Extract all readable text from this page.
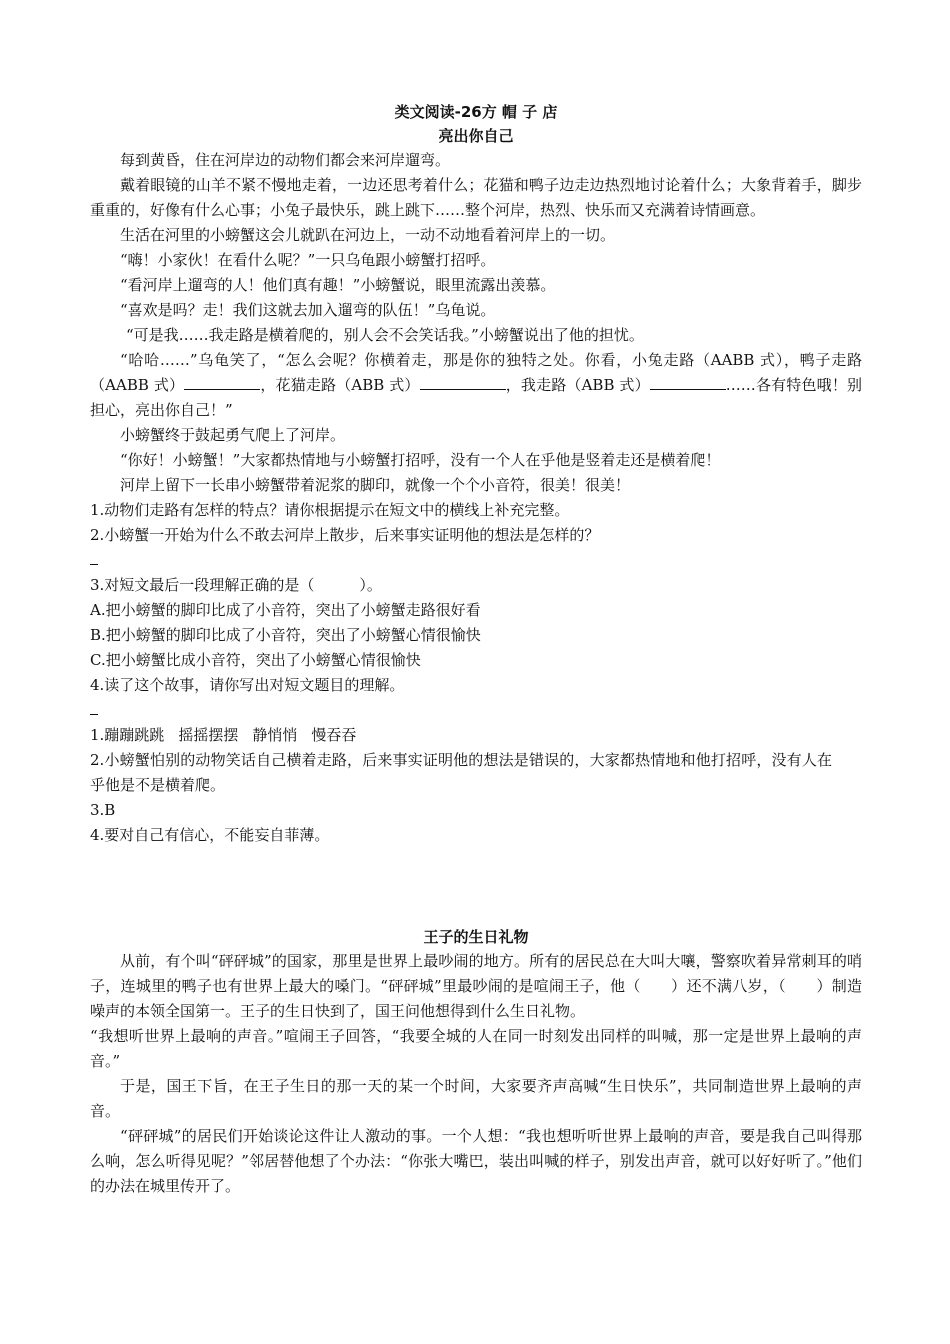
类文阅读-26方 帽 子 店
亮出你自己

每到黄昏，住在河岸边的动物们都会来河岸遛弯。

戴着眼镜的山羊不紧不慢地走着，一边还思考着什么；花猫和鸭子边走边热烈地讨论着什么；大象背着手，脚步重重的，好像有什么心事；小兔子最快乐，跳上跳下……整个河岸，热烈、快乐而又充满着诗情画意。

生活在河里的小螃蟹这会儿就趴在河边上，一动不动地看着河岸上的一切。

“嗨！小家伙！在看什么呢？”一只乌龟跟小螃蟹打招呼。

“看河岸上遛弯的人！他们真有趣！”小螃蟹说，眼里流露出羡慕。

“喜欢是吗？走！我们这就去加入遛弯的队伍！”乌龟说。

“可是我……我走路是横着爬的，别人会不会笑话我。”小螃蟹说出了他的担忧。

“哈哈……”乌龟笑了，“怎么会呢？你横着走，那是你的独特之处。你看，小兔走路（AABB 式），鸭子走路（AABB 式）	，花猫走路（ABB 式）	，我走路（ABB 式）	……各有特色哦！别担心，亮出你自己！”

小螃蟹终于鼓起勇气爬上了河岸。

“你好！小螃蟹！”大家都热情地与小螃蟹打招呼，没有一个人在乎他是竖着走还是横着爬！

河岸上留下一长串小螃蟹带着泥浆的脚印，就像一个个小音符，很美！很美！

1.动物们走路有怎样的特点？请你根据提示在短文中的横线上补充完整。

2.小螃蟹一开始为什么不敢去河岸上散步，后来事实证明他的想法是怎样的？

3.对短文最后一段理解正确的是（　　　）。

A.把小螃蟹的脚印比成了小音符，突出了小螃蟹走路很好看

B.把小螃蟹的脚印比成了小音符，突出了小螃蟹心情很愉快

C.把小螃蟹比成小音符，突出了小螃蟹心情很愉快

4.读了这个故事，请你写出对短文题目的理解。

1.蹦蹦跳跳 摇摇摆摆 静悄悄 慢吞吞

2.小螃蟹怕别的动物笑话自己横着走路，后来事实证明他的想法是错误的，大家都热情地和他打招呼，没有人在乎他是不是横着爬。

3.B

4.要对自己有信心，不能妄自菲薄。

王子的生日礼物

从前，有个叫“砰砰城”的国家，那里是世界上最吵闹的地方。所有的居民总在大叫大嚷，警察吹着异常刺耳的哨子，连城里的鸭子也有世界上最大的嗓门。“砰砰城”里最吵闹的是喧闹王子，他（　　）还不满八岁，（　　）制造噪声的本领全国第一。王子的生日快到了，国王问他想得到什么生日礼物。

“我想听世界上最响的声音。”喧闹王子回答，“我要全城的人在同一时刻发出同样的叫喊，那一定是世界上最响的声音。”

于是，国王下旨，在王子生日的那一天的某一个时间，大家要齐声高喊“生日快乐”，共同制造世界上最响的声音。

“砰砰城”的居民们开始谈论这件让人激动的事。一个人想：“我也想听听世界上最响的声音，要是我自己叫得那么响，怎么听得见呢？”邻居替他想了个办法：“你张大嘴巴，装出叫喊的样子，别发出声音，就可以好好听了。”他们的办法在城里传开了。
